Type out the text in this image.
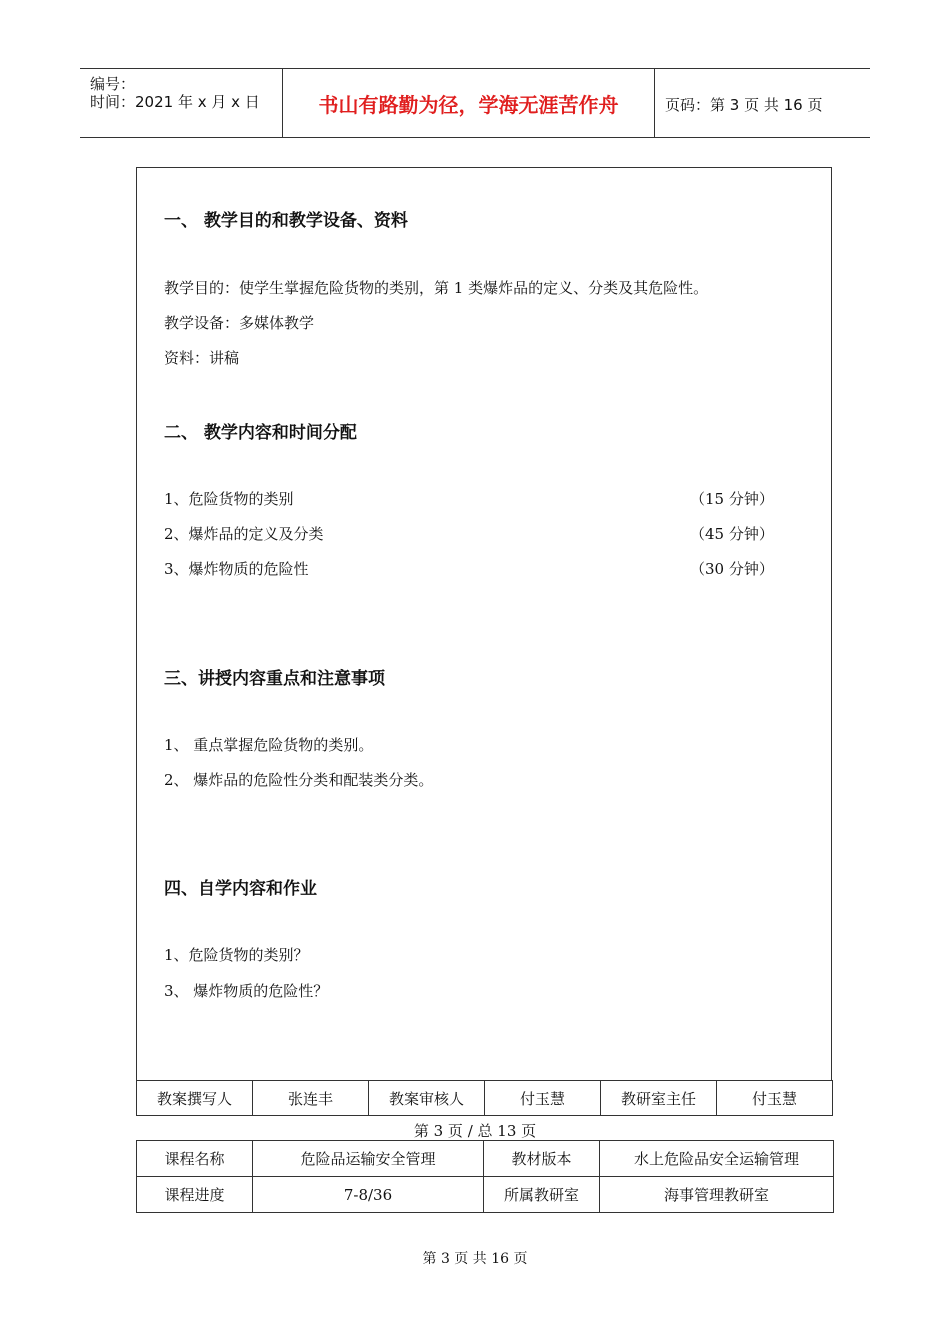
编号：
时间：2021 年 x 月 x 日	书山有路勤为径，学海无涯苦作舟	页码：第 3 页 共 16 页
一、 教学目的和教学设备、资料
教学目的：使学生掌握危险货物的类别，第 1 类爆炸品的定义、分类及其危险性。
教学设备：多媒体教学
资料：讲稿
二、 教学内容和时间分配
1、危险货物的类别	（15 分钟）
2、爆炸品的定义及分类	（45 分钟）
3、爆炸物质的危险性	（30 分钟）
三、讲授内容重点和注意事项
1、 重点掌握危险货物的类别。
2、 爆炸品的危险性分类和配装类分类。
四、自学内容和作业
1、危险货物的类别？
3、 爆炸物质的危险性？
教案撰写人	张连丰	教案审核人	付玉慧	教研室主任	付玉慧
第 3 页 / 总 13 页
课程名称	危险品运输安全管理	教材版本	水上危险品安全运输管理
课程进度	7-8/36	所属教研室	海事管理教研室
第 3 页 共 16 页
